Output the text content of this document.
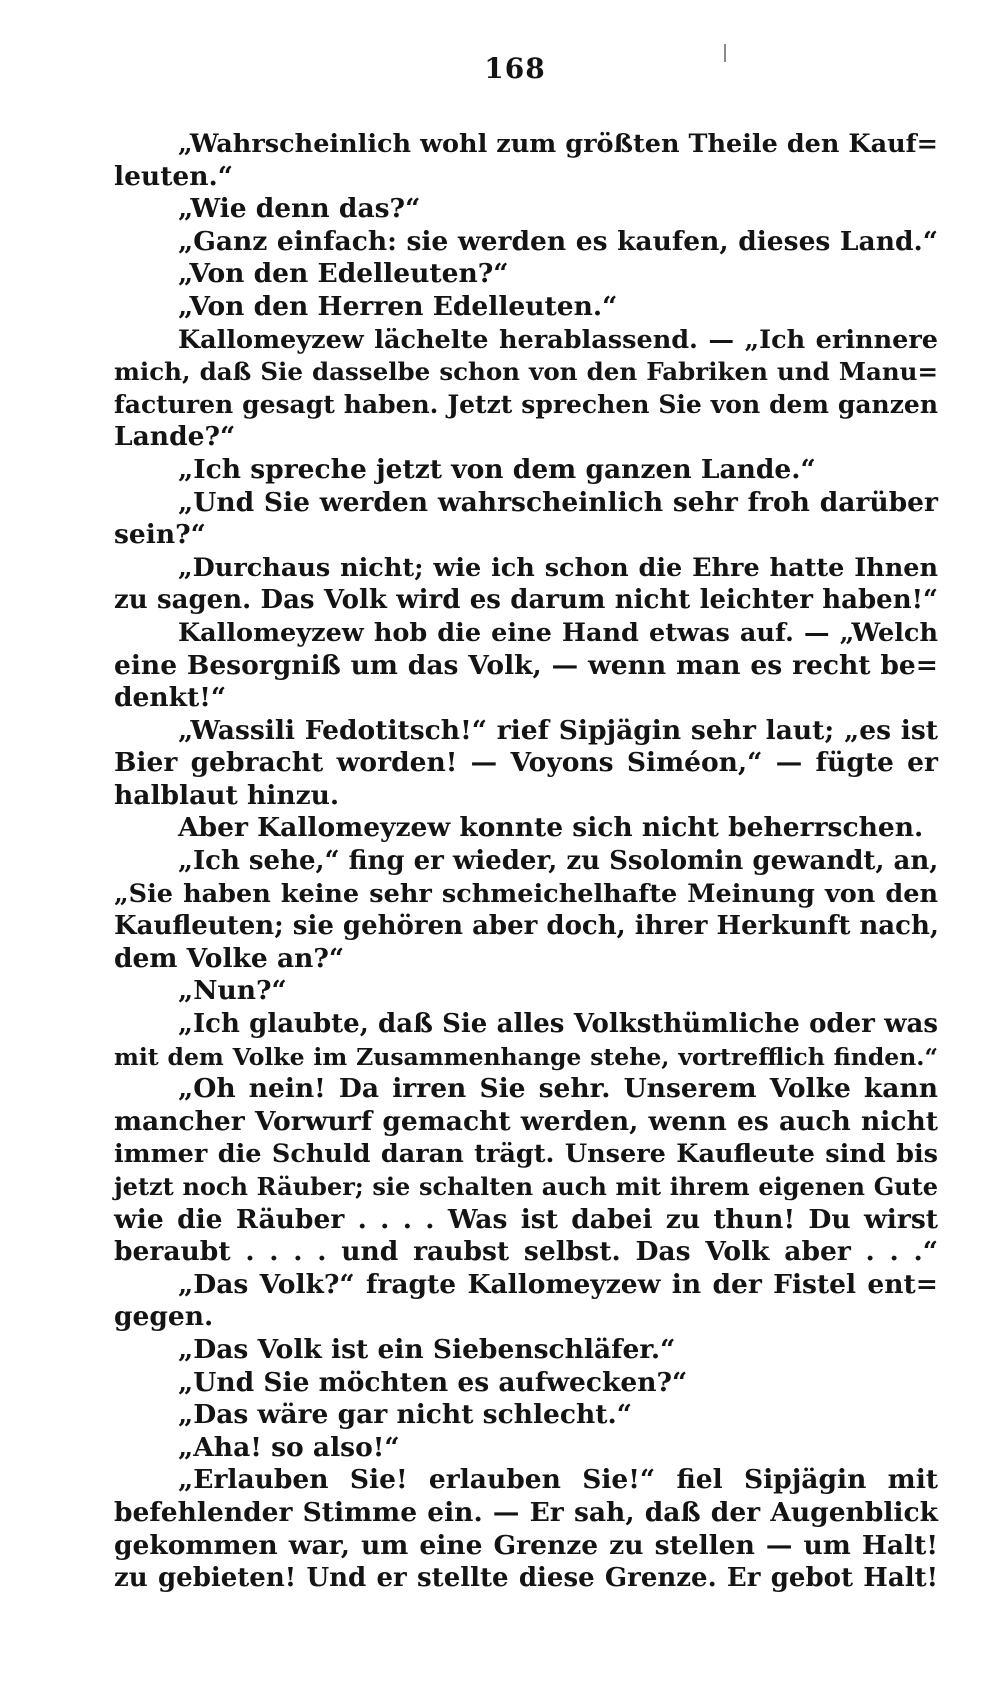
168
„Wahrscheinlich wohl zum größten Theile den Kauf=
leuten.“
„Wie denn das?“
„Ganz einfach: sie werden es kaufen, dieses Land.“
„Von den Edelleuten?“
„Von den Herren Edelleuten.“
Kallomeyzew lächelte herablassend. — „Ich erinnere
mich, daß Sie dasselbe schon von den Fabriken und Manu=
facturen gesagt haben. Jetzt sprechen Sie von dem ganzen
Lande?“
„Ich spreche jetzt von dem ganzen Lande.“
„Und Sie werden wahrscheinlich sehr froh darüber
sein?“
„Durchaus nicht; wie ich schon die Ehre hatte Ihnen
zu sagen. Das Volk wird es darum nicht leichter haben!“
Kallomeyzew hob die eine Hand etwas auf. — „Welch
eine Besorgniß um das Volk, — wenn man es recht be=
denkt!“
„Wassili Fedotitsch!“ rief Sipjägin sehr laut; „es ist
Bier gebracht worden! — Voyons Siméon,“ — fügte er
halblaut hinzu.
Aber Kallomeyzew konnte sich nicht beherrschen.
„Ich sehe,“ fing er wieder, zu Ssolomin gewandt, an,
„Sie haben keine sehr schmeichelhafte Meinung von den
Kaufleuten; sie gehören aber doch, ihrer Herkunft nach,
dem Volke an?“
„Nun?“
„Ich glaubte, daß Sie alles Volksthümliche oder was
mit dem Volke im Zusammenhange stehe, vortrefflich finden.“
„Oh nein! Da irren Sie sehr. Unserem Volke kann
mancher Vorwurf gemacht werden, wenn es auch nicht
immer die Schuld daran trägt. Unsere Kaufleute sind bis
jetzt noch Räuber; sie schalten auch mit ihrem eigenen Gute
wie die Räuber . . . . Was ist dabei zu thun! Du wirst
beraubt . . . . und raubst selbst. Das Volk aber . . .“
„Das Volk?“ fragte Kallomeyzew in der Fistel ent=
gegen.
„Das Volk ist ein Siebenschläfer.“
„Und Sie möchten es aufwecken?“
„Das wäre gar nicht schlecht.“
„Aha! so also!“
„Erlauben Sie! erlauben Sie!“ fiel Sipjägin mit
befehlender Stimme ein. — Er sah, daß der Augenblick
gekommen war, um eine Grenze zu stellen — um Halt!
zu gebieten! Und er stellte diese Grenze. Er gebot Halt!
